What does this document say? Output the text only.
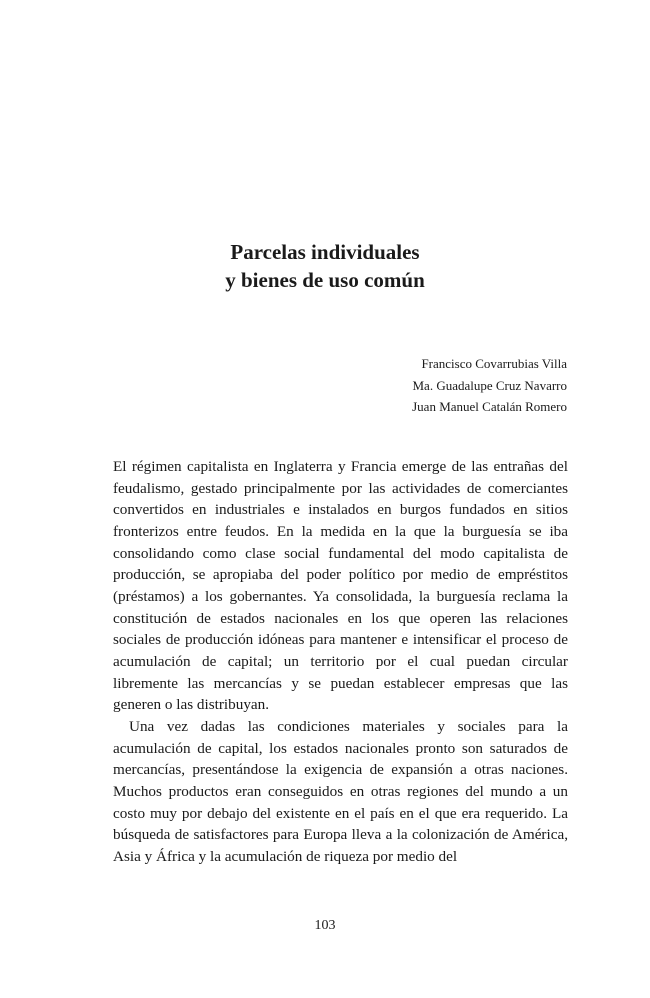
Parcelas individuales
y bienes de uso común
Francisco Covarrubias Villa
Ma. Guadalupe Cruz Navarro
Juan Manuel Catalán Romero

El régimen capitalista en Inglaterra y Francia emerge de las entrañas del feudalismo, gestado principalmente por las actividades de comerciantes convertidos en industriales e instalados en burgos fundados en sitios fronterizos entre feudos. En la medida en la que la burguesía se iba consolidando como clase social fundamental del modo capitalista de producción, se apropiaba del poder político por medio de empréstitos (préstamos) a los gobernantes. Ya consolidada, la burguesía reclama la constitución de estados nacionales en los que operen las relaciones sociales de producción idóneas para mantener e intensificar el proceso de acumulación de capital; un territorio por el cual puedan circular libremente las mercancías y se puedan establecer empresas que las generen o las distribuyan.

Una vez dadas las condiciones materiales y sociales para la acumulación de capital, los estados nacionales pronto son saturados de mercancías, presentándose la exigencia de expansión a otras naciones. Muchos productos eran conseguidos en otras regiones del mundo a un costo muy por debajo del existente en el país en el que era requerido. La búsqueda de satisfactores para Europa lleva a la colonización de América, Asia y África y la acumulación de riqueza por medio del

103
